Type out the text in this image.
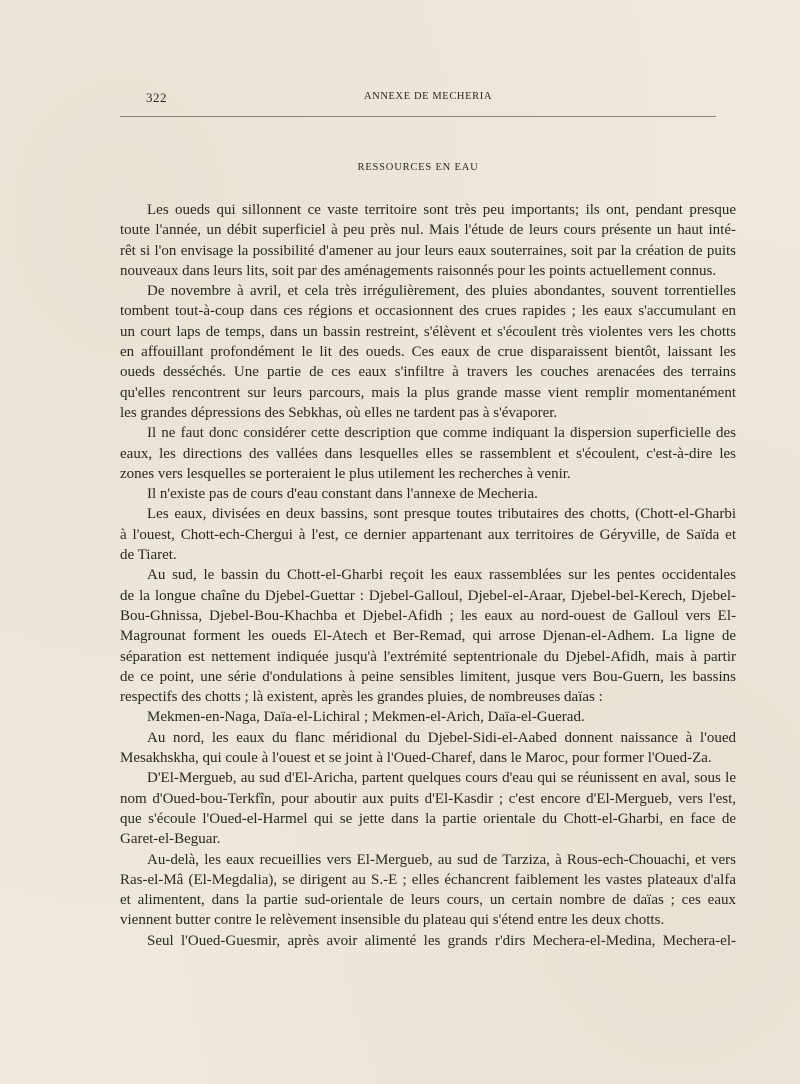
322	ANNEXE DE MECHERIA
RESSOURCES EN EAU
Les oueds qui sillonnent ce vaste territoire sont très peu importants; ils ont, pendant presque
toute l'année, un débit superficiel à peu près nul. Mais l'étude de leurs cours présente un haut inté-
rêt si l'on envisage la possibilité d'amener au jour leurs eaux souterraines, soit par la création de puits
nouveaux dans leurs lits, soit par des aménagements raisonnés pour les points actuellement connus.
De novembre à avril, et cela très irrégulièrement, des pluies abondantes, souvent torrentielles
tombent tout-à-coup dans ces régions et occasionnent des crues rapides ; les eaux s'accumulant en
un court laps de temps, dans un bassin restreint, s'élèvent et s'écoulent très violentes vers les chotts
en affouillant profondément le lit des oueds. Ces eaux de crue disparaissent bientôt, laissant les
oueds desséchés. Une partie de ces eaux s'infiltre à travers les couches arenacées des terrains
qu'elles rencontrent sur leurs parcours, mais la plus grande masse vient remplir momentanément
les grandes dépressions des Sebkhas, où elles ne tardent pas à s'évaporer.
Il ne faut donc considérer cette description que comme indiquant la dispersion superficielle des
eaux, les directions des vallées dans lesquelles elles se rassemblent et s'écoulent, c'est-à-dire les
zones vers lesquelles se porteraient le plus utilement les recherches à venir.
Il n'existe pas de cours d'eau constant dans l'annexe de Mecheria.
Les eaux, divisées en deux bassins, sont presque toutes tributaires des chotts, (Chott-el-Gharbi
à l'ouest, Chott-ech-Chergui à l'est, ce dernier appartenant aux territoires de Géryville, de Saïda et
de Tiaret.
Au sud, le bassin du Chott-el-Gharbi reçoit les eaux rassemblées sur les pentes occidentales
de la longue chaîne du Djebel-Guettar : Djebel-Galloul, Djebel-el-Araar, Djebel-bel-Kerech, Djebel-
Bou-Ghnissa, Djebel-Bou-Khachba et Djebel-Afidh ; les eaux au nord-ouest de Galloul vers El-
Magrounat forment les oueds El-Atech et Ber-Remad, qui arrose Djenan-el-Adhem. La ligne de
séparation est nettement indiquée jusqu'à l'extrémité septentrionale du Djebel-Afidh, mais à partir
de ce point, une série d'ondulations à peine sensibles limitent, jusque vers Bou-Guern, les bassins
respectifs des chotts ; là existent, après les grandes pluies, de nombreuses daïas :
Mekmen-en-Naga, Daïa-el-Lichiral ; Mekmen-el-Arich, Daïa-el-Guerad.
Au nord, les eaux du flanc méridional du Djebel-Sidi-el-Aabed donnent naissance à l'oued
Mesakhskha, qui coule à l'ouest et se joint à l'Oued-Charef, dans le Maroc, pour former l'Oued-Za.
D'El-Mergueb, au sud d'El-Aricha, partent quelques cours d'eau qui se réunissent en aval, sous le
nom d'Oued-bou-Terkfîn, pour aboutir aux puits d'El-Kasdir ; c'est encore d'El-Mergueb, vers l'est,
que s'écoule l'Oued-el-Harmel qui se jette dans la partie orientale du Chott-el-Gharbi, en face de
Garet-el-Beguar.
Au-delà, les eaux recueillies vers El-Mergueb, au sud de Tarziza, à Rous-ech-Chouachi, et vers
Ras-el-Mâ (El-Megdalia), se dirigent au S.-E ; elles échancrent faiblement les vastes plateaux d'alfa
et alimentent, dans la partie sud-orientale de leurs cours, un certain nombre de daïas ; ces eaux
viennent butter contre le relèvement insensible du plateau qui s'étend entre les deux chotts.
Seul l'Oued-Guesmir, après avoir alimenté les grands r'dirs Mechera-el-Medina, Mechera-el-
